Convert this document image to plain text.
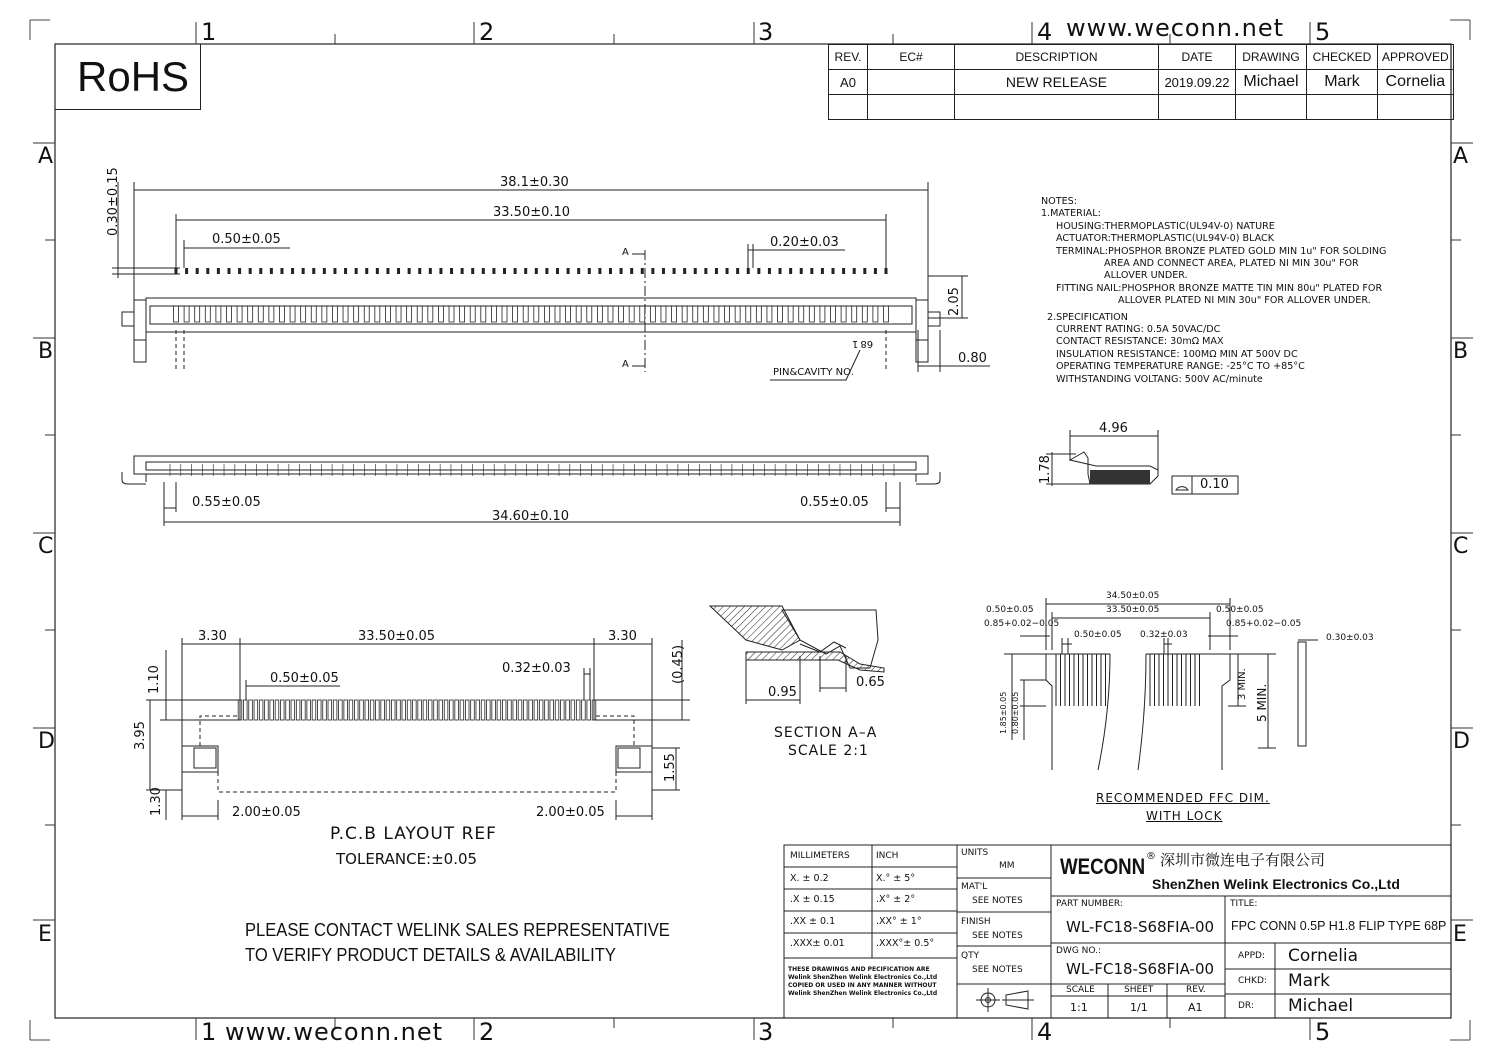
1	2	3	4	5
1	2	3	4	5
A
B
C
D
E
A
B
C
D
E
RoHS
www.weconn.net
www.weconn.net
REV.	EC#	DESCRIPTION	DATE	DRAWING	CHECKED	APPROVED
A0		NEW RELEASE	2019.09.22	Michael	Mark	Cornelia

38.1±0.30
33.50±0.10
0.50±0.05	0.20±0.03
0.30±0.15
2.05
0.80
A
A
PIN&CAVITY NO.
68 1
0.55±0.05	0.55±0.05
34.60±0.10
NOTES:
1.MATERIAL:
HOUSING:THERMOPLASTIC(UL94V-0) NATURE
ACTUATOR:THERMOPLASTIC(UL94V-0) BLACK
TERMINAL:PHOSPHOR BRONZE PLATED GOLD MIN 1u" FOR SOLDING
AREA AND CONNECT AREA, PLATED NI MIN 30u" FOR
ALLOVER UNDER.
FITTING NAIL:PHOSPHOR BRONZE MATTE TIN MIN 80u" PLATED FOR
ALLOVER PLATED NI MIN 30u" FOR ALLOVER UNDER.
2.SPECIFICATION
CURRENT RATING: 0.5A 50VAC/DC
CONTACT RESISTANCE: 30mΩ MAX
INSULATION RESISTANCE: 100MΩ MIN AT 500V DC
OPERATING TEMPERATURE RANGE: -25°C TO +85°C
WITHSTANDING VOLTANG: 500V AC/minute
4.96
1.78
0.10
3.30	33.50±0.05	3.30
1.10	0.50±0.05
0.32±0.03	(0.45)
3.95
1.55
1.30	2.00±0.05	2.00±0.05
P.C.B LAYOUT REF
TOLERANCE:±0.05
0.95
0.65
SECTION A–A
SCALE 2:1
34.50±0.05
0.50±0.05	33.50±0.05	0.50±0.05
0.85+0.02−0.05	0.85+0.02−0.05
0.50±0.05 0.32±0.03	0.30±0.03
3 MIN. 5 MIN.
1.85±0.05 0.80±0.05
RECOMMENDED FFC DIM.
WITH LOCK
PLEASE CONTACT WELINK SALES REPRESENTATIVE
TO VERIFY PRODUCT DETAILS & AVAILABILITY
MILLIMETERS	INCH
X. ± 0.2	X.° ± 5°
.X ± 0.15	.X° ± 2°
.XX ± 0.1	.XX° ± 1°
.XXX± 0.01	.XXX°± 0.5°
THESE DRAWINGS AND PECIFICATION ARE Welink ShenZhen Welink Electronics Co.,Ltd COPIED OR USED IN ANY MANNER WITHOUT Welink ShenZhen Welink Electronics Co.,Ltd
UNITS
MM
MAT'L
SEE NOTES
FINISH
SEE NOTES
QTY
SEE NOTES
WECONN ® 深圳市微连电子有限公司
ShenZhen Welink Electronics Co.,Ltd
PART NUMBER:
WL-FC18-S68FIA-00
TITLE:
FPC CONN 0.5P H1.8 FLIP TYPE 68P
DWG NO.:
WL-FC18-S68FIA-00
SCALE
1:1
SHEET
1/1
REV.
A1
APPD: Cornelia
CHKD: Mark
DR: Michael
